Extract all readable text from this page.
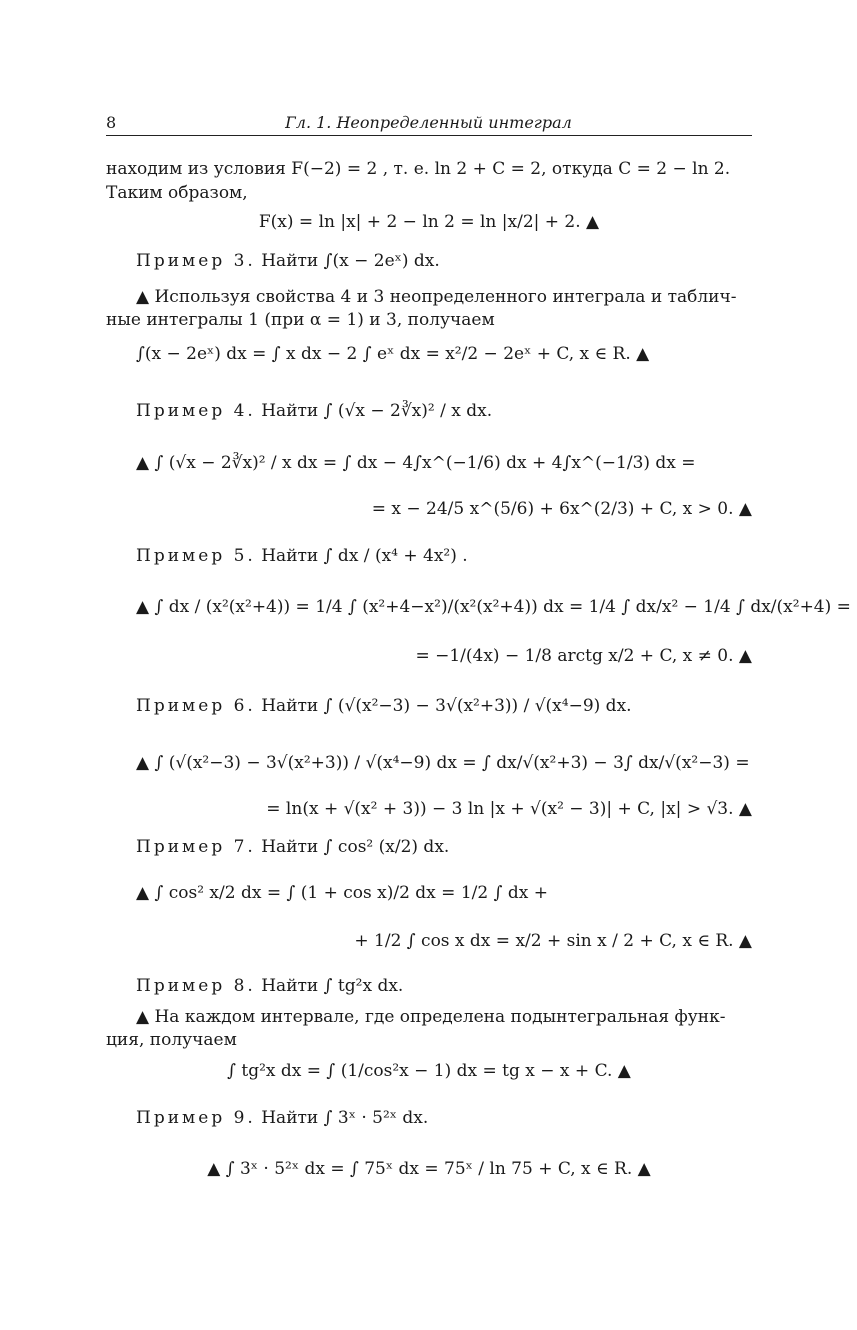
8	Гл. 1. Неопределенный интеграл
находим из условия F(−2) = 2 , т. е. ln 2 + C = 2, откуда C = 2 − ln 2.
Таким образом,
F(x) = ln |x| + 2 − ln 2 = ln |x/2| + 2. ▲
Пример 3. Найти ∫(x − 2eˣ) dx.
▲ Используя свойства 4 и 3 неопределенного интеграла и таблич-
ные интегралы 1 (при α = 1) и 3, получаем
∫(x − 2eˣ) dx = ∫ x dx − 2 ∫ eˣ dx = x²/2 − 2eˣ + C, x ∈ R. ▲
Пример 4. Найти ∫ (√x − 2∛x)² / x dx.
▲ ∫ (√x − 2∛x)² / x dx = ∫ dx − 4∫x^(−1/6) dx + 4∫x^(−1/3) dx =
= x − 24/5 x^(5/6) + 6x^(2/3) + C, x > 0. ▲
Пример 5. Найти ∫ dx / (x⁴ + 4x²) .
▲ ∫ dx / (x²(x²+4)) = 1/4 ∫ (x²+4−x²)/(x²(x²+4)) dx = 1/4 ∫ dx/x² − 1/4 ∫ dx/(x²+4) =
= −1/(4x) − 1/8 arctg x/2 + C, x ≠ 0. ▲
Пример 6. Найти ∫ (√(x²−3) − 3√(x²+3)) / √(x⁴−9) dx.
▲ ∫ (√(x²−3) − 3√(x²+3)) / √(x⁴−9) dx = ∫ dx/√(x²+3) − 3∫ dx/√(x²−3) =
= ln(x + √(x² + 3)) − 3 ln |x + √(x² − 3)| + C, |x| > √3. ▲
Пример 7. Найти ∫ cos² (x/2) dx.
▲ ∫ cos² x/2 dx = ∫ (1 + cos x)/2 dx = 1/2 ∫ dx +
+ 1/2 ∫ cos x dx = x/2 + sin x / 2 + C, x ∈ R. ▲
Пример 8. Найти ∫ tg²x dx.
▲ На каждом интервале, где определена подынтегральная функ-
ция, получаем
∫ tg²x dx = ∫ (1/cos²x − 1) dx = tg x − x + C. ▲
Пример 9. Найти ∫ 3ˣ · 5²ˣ dx.
▲ ∫ 3ˣ · 5²ˣ dx = ∫ 75ˣ dx = 75ˣ / ln 75 + C, x ∈ R. ▲
